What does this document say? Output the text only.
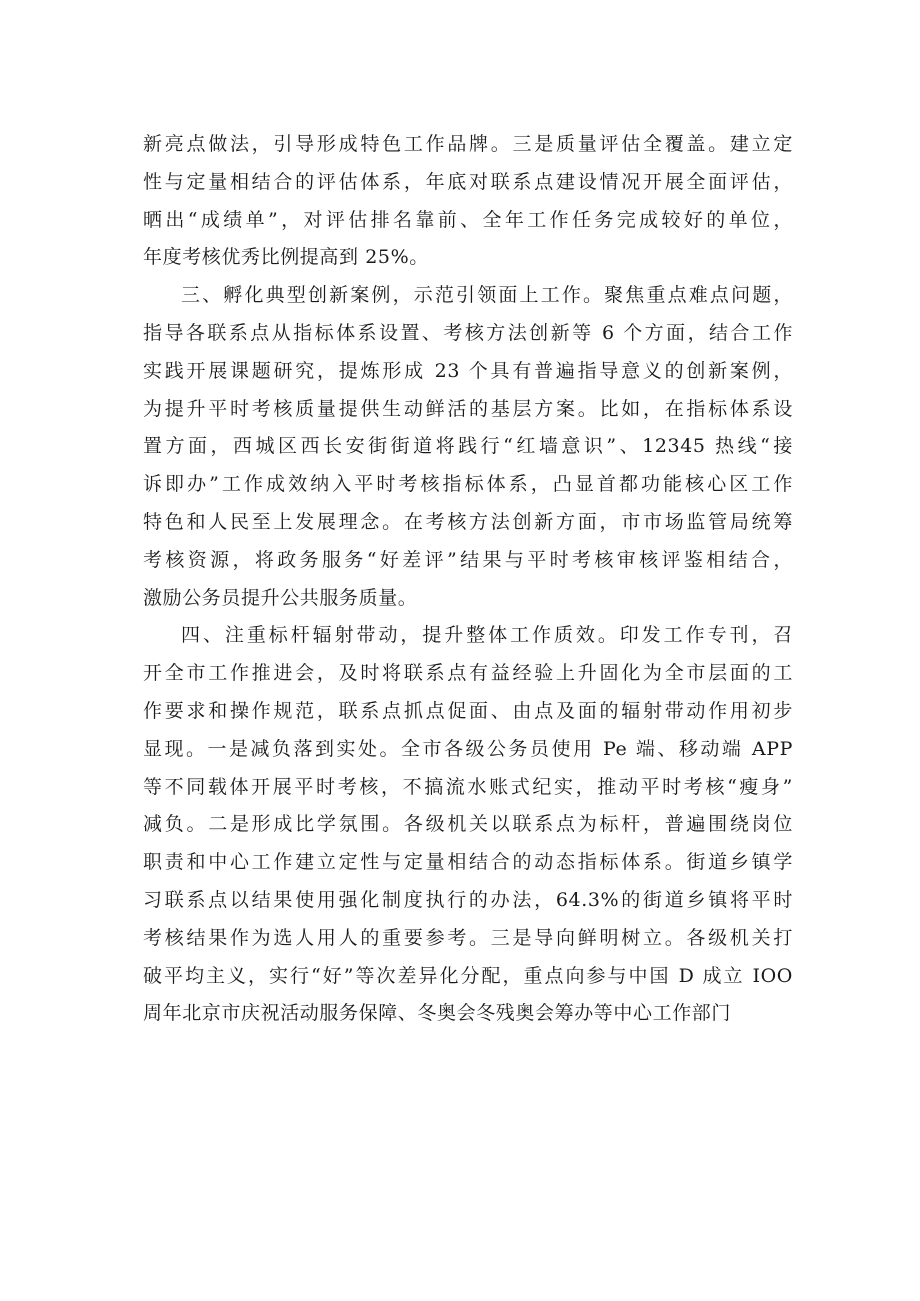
新亮点做法，引导形成特色工作品牌。三是质量评估全覆盖。建立定
性与定量相结合的评估体系，年底对联系点建设情况开展全面评估，
晒出“成绩单”，对评估排名靠前、全年工作任务完成较好的单位，
年度考核优秀比例提高到 25%。
三、孵化典型创新案例，示范引领面上工作。聚焦重点难点问题，
指导各联系点从指标体系设置、考核方法创新等 6 个方面，结合工作
实践开展课题研究，提炼形成 23 个具有普遍指导意义的创新案例，
为提升平时考核质量提供生动鲜活的基层方案。比如，在指标体系设
置方面，西城区西长安街街道将践行“红墙意识”、12345 热线“接
诉即办”工作成效纳入平时考核指标体系，凸显首都功能核心区工作
特色和人民至上发展理念。在考核方法创新方面，市市场监管局统筹
考核资源，将政务服务“好差评”结果与平时考核审核评鉴相结合，
激励公务员提升公共服务质量。
四、注重标杆辐射带动，提升整体工作质效。印发工作专刊，召
开全市工作推进会，及时将联系点有益经验上升固化为全市层面的工
作要求和操作规范，联系点抓点促面、由点及面的辐射带动作用初步
显现。一是减负落到实处。全市各级公务员使用 Pe 端、移动端 APP
等不同载体开展平时考核，不搞流水账式纪实，推动平时考核“瘦身”
减负。二是形成比学氛围。各级机关以联系点为标杆，普遍围绕岗位
职责和中心工作建立定性与定量相结合的动态指标体系。街道乡镇学
习联系点以结果使用强化制度执行的办法，64.3%的街道乡镇将平时
考核结果作为选人用人的重要参考。三是导向鲜明树立。各级机关打
破平均主义，实行“好”等次差异化分配，重点向参与中国 D 成立 IOO
周年北京市庆祝活动服务保障、冬奥会冬残奥会筹办等中心工作部门
